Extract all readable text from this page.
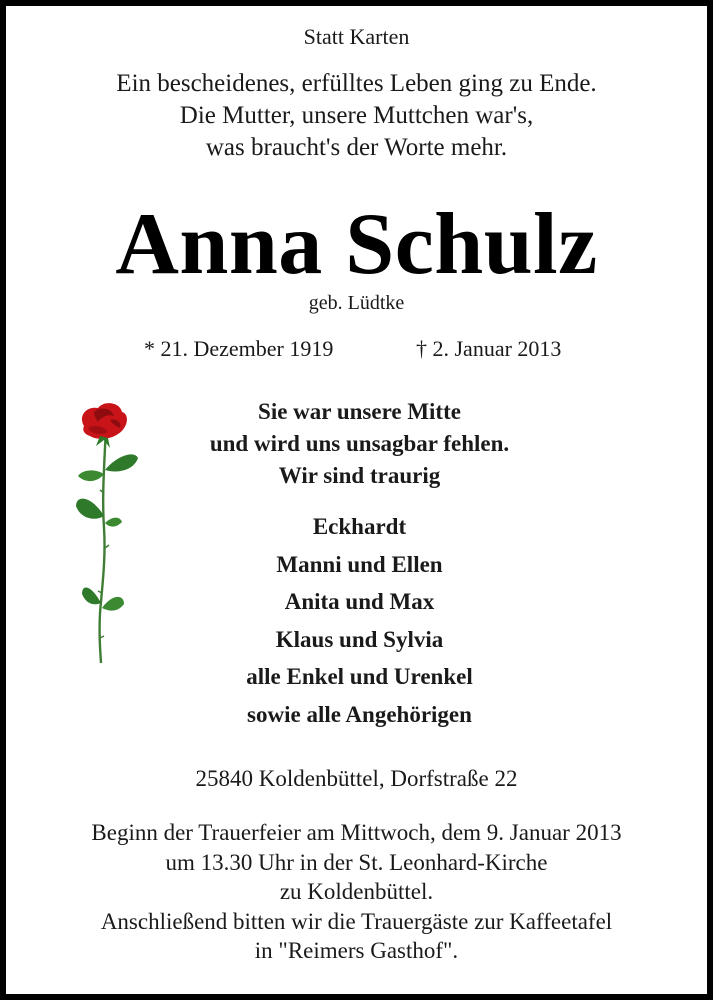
Statt Karten
Ein bescheidenes, erfülltes Leben ging zu Ende.
Die Mutter, unsere Muttchen war's,
was braucht's der Worte mehr.
Anna Schulz
geb. Lüdtke
* 21. Dezember 1919	† 2. Januar 2013
Sie war unsere Mitte
und wird uns unsagbar fehlen.
Wir sind traurig
Eckhardt
Manni und Ellen
Anita und Max
Klaus und Sylvia
alle Enkel und Urenkel
sowie alle Angehörigen
25840 Koldenbüttel, Dorfstraße 22
Beginn der Trauerfeier am Mittwoch, dem 9. Januar 2013
um 13.30 Uhr in der St. Leonhard-Kirche
zu Koldenbüttel.
Anschließend bitten wir die Trauergäste zur Kaffeetafel
in "Reimers Gasthof".
